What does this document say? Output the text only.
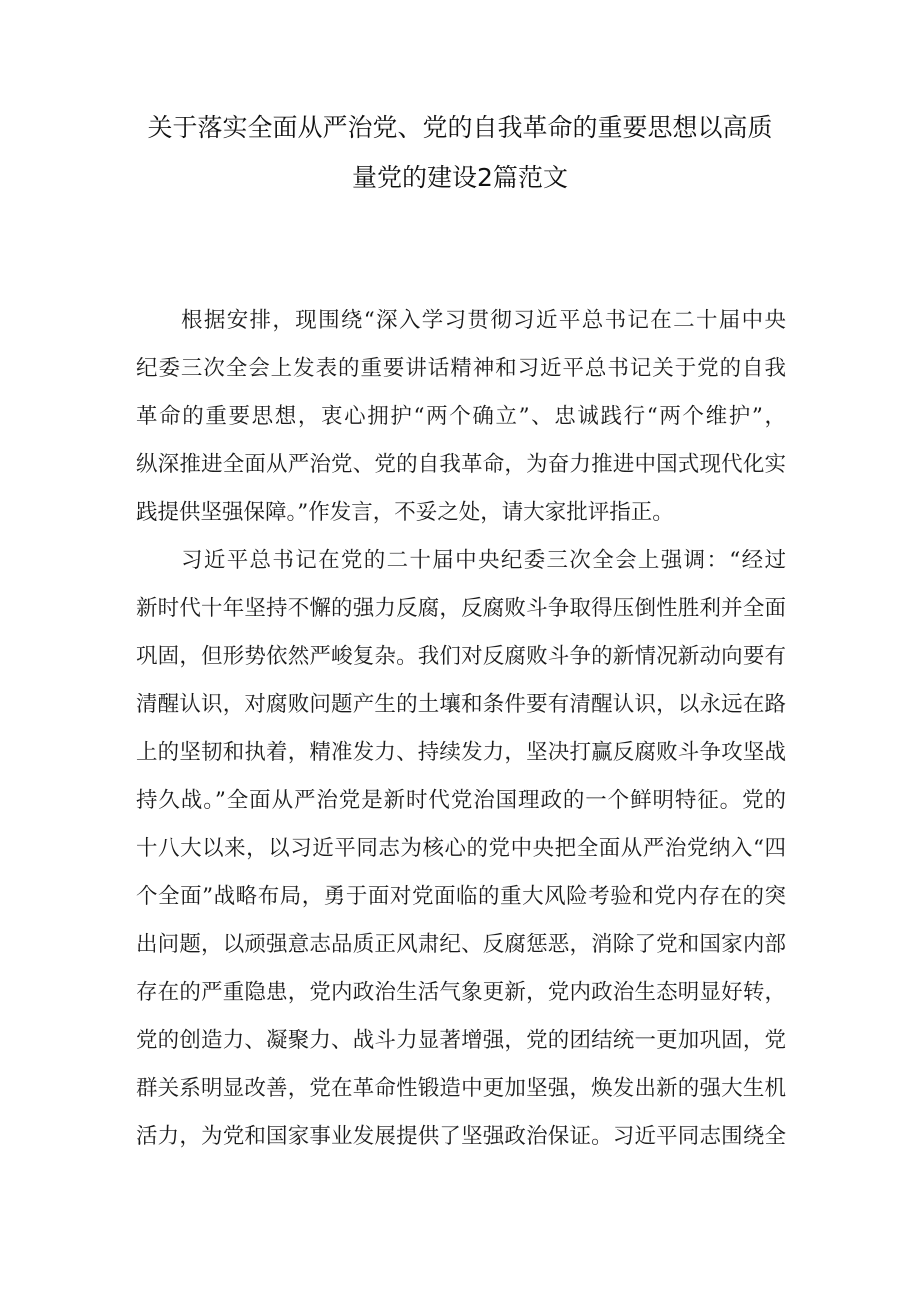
关于落实全面从严治党、党的自我革命的重要思想以高质
量党的建设2篇范文
根据安排，现围绕“深入学习贯彻习近平总书记在二十届中央
纪委三次全会上发表的重要讲话精神和习近平总书记关于党的自我
革命的重要思想，衷心拥护“两个确立”、忠诚践行“两个维护”，
纵深推进全面从严治党、党的自我革命，为奋力推进中国式现代化实
践提供坚强保障。”作发言，不妥之处，请大家批评指正。
习近平总书记在党的二十届中央纪委三次全会上强调：“经过
新时代十年坚持不懈的强力反腐，反腐败斗争取得压倒性胜利并全面
巩固，但形势依然严峻复杂。我们对反腐败斗争的新情况新动向要有
清醒认识，对腐败问题产生的土壤和条件要有清醒认识，以永远在路
上的坚韧和执着，精准发力、持续发力，坚决打赢反腐败斗争攻坚战
持久战。”全面从严治党是新时代党治国理政的一个鲜明特征。党的
十八大以来，以习近平同志为核心的党中央把全面从严治党纳入“四
个全面”战略布局，勇于面对党面临的重大风险考验和党内存在的突
出问题，以顽强意志品质正风肃纪、反腐惩恶，消除了党和国家内部
存在的严重隐患，党内政治生活气象更新，党内政治生态明显好转，
党的创造力、凝聚力、战斗力显著增强，党的团结统一更加巩固，党
群关系明显改善，党在革命性锻造中更加坚强，焕发出新的强大生机
活力，为党和国家事业发展提供了坚强政治保证。习近平同志围绕全
